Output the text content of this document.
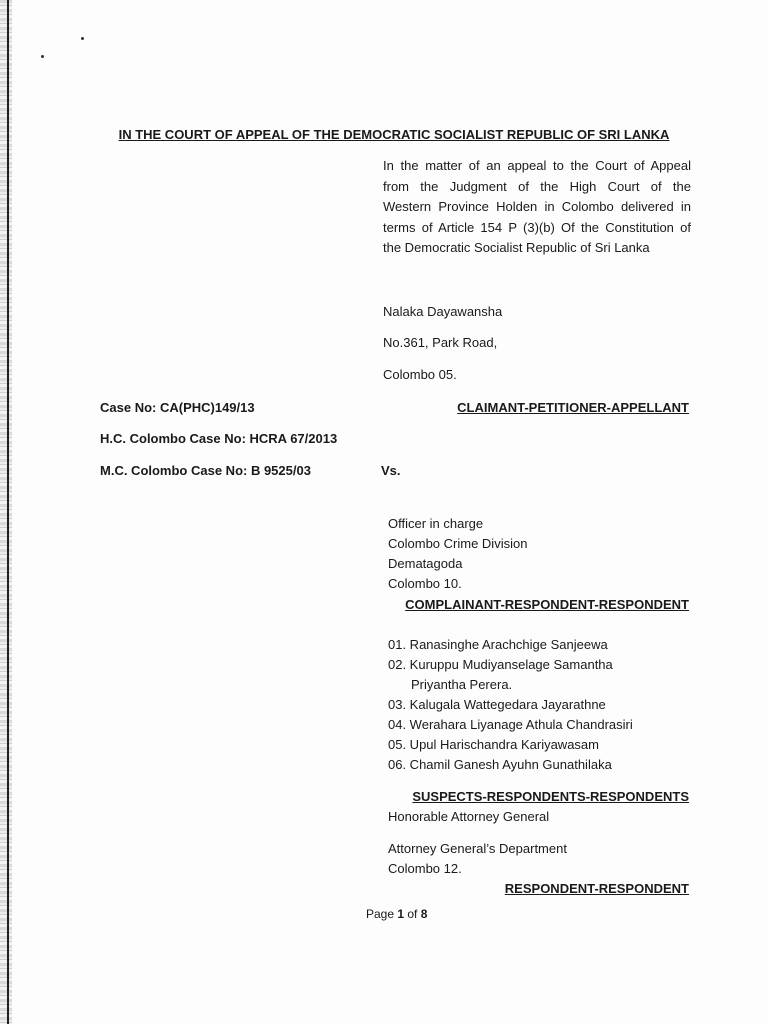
IN THE COURT OF APPEAL OF THE DEMOCRATIC SOCIALIST REPUBLIC OF SRI LANKA
In the matter of an appeal to the Court of Appeal
from the Judgment of the High Court of the
Western Province Holden in Colombo delivered in
terms of Article 154 P (3)(b) Of the Constitution of
the Democratic Socialist Republic of Sri Lanka
Nalaka Dayawansha
No.361, Park Road,
Colombo 05.
Case No: CA(PHC)149/13	CLAIMANT-PETITIONER-APPELLANT
H.C. Colombo Case No: HCRA 67/2013
M.C. Colombo Case No: B 9525/03	Vs.
Officer in charge
Colombo Crime Division
Dematagoda
Colombo 10.
COMPLAINANT-RESPONDENT-RESPONDENT
01. Ranasinghe Arachchige Sanjeewa
02. Kuruppu Mudiyanselage Samantha
Priyantha Perera.
03. Kalugala Wattegedara Jayarathne
04. Werahara Liyanage Athula Chandrasiri
05. Upul Harischandra Kariyawasam
06. Chamil Ganesh Ayuhn Gunathilaka
SUSPECTS-RESPONDENTS-RESPONDENTS
Honorable Attorney General
Attorney General’s Department
Colombo 12.
RESPONDENT-RESPONDENT
Page 1 of 8
